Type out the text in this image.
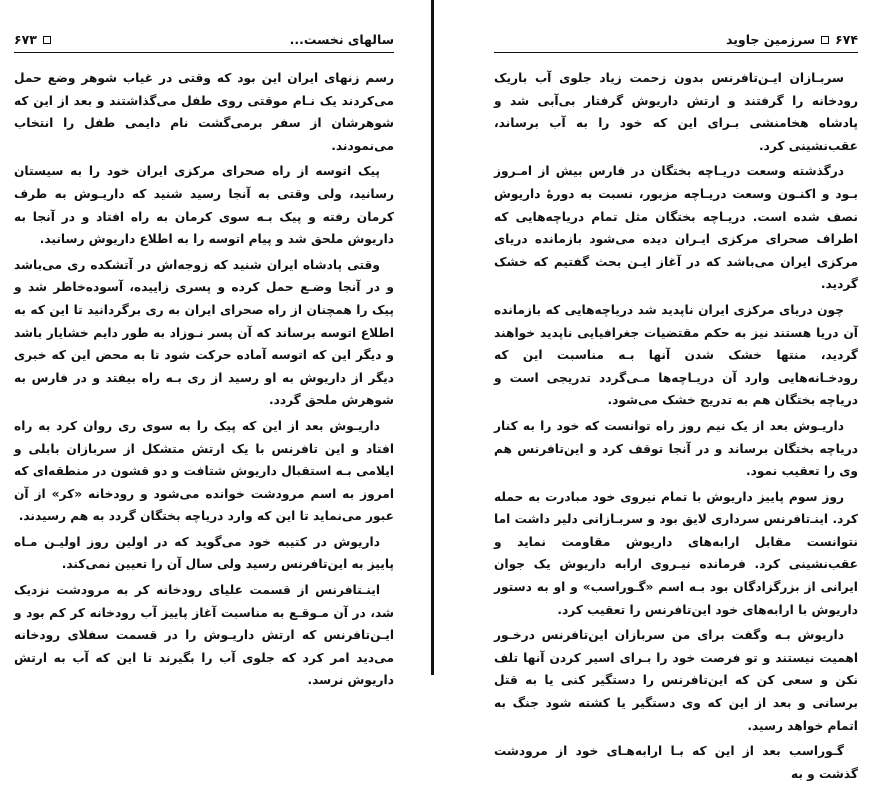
سالهای نخست...
۶۷۳

رسم زنهای ایران این بود که وقتی در غیاب شوهر وضع حمل می‌کردند یک نـام موقتی روی طفل می‌گذاشتند و بعد از این که شوهرشان از سفر برمی‌گشت نام دایمی طفل را انتخاب می‌نمودند.

پیک اتوسه از راه صحرای مرکزی ایران خود را به سیستان رسانید، ولی وقتی به آنجا رسید شنید که داریـوش به طرف کرمان رفته و پیک بـه سوی کرمان به راه افتاد و در آنجا به داریوش ملحق شد و پیام اتوسه را به اطلاع داریوش رسانید.

وقتی پادشاه ایران شنید که زوجه‌اش در آتشکده ری می‌باشد و در آنجا وضـع حمل کرده و پسری زاییده، آسوده‌خاطر شد و پیک را همچنان از راه صحرای ایران به ری برگردانید تا این که به اطلاع اتوسه برساند که آن پسر نـوزاد به طور دایم خشایار باشد و دیگر این که اتوسه آماده حرکت شود تا به محض این که خبری دیگر از داریوش به او رسید از ری بـه راه بیفتد و در فارس به شوهرش ملحق گردد.

داریـوش بعد از این که پیک را به سوی ری روان کرد به راه افتاد و این تافرنس با یک ارتش متشکل از سربازان بابلی و ایلامی بـه استقبال داریوش شتافت و دو قشون در منطقه‌ای که امروز به اسم مرودشت خوانده می‌شود و رودخانه «کر» از آن عبور می‌نماید تا این که وارد دریاچه بختگان گردد به هم رسیدند.

داریوش در کتیبه خود می‌گوید که در اولین روز اولیـن مـاه پاییز به این‌تافرنس رسید ولی سال آن را تعیین نمی‌کند.

اینـتافرنس از قسمت علیای رودخانه کر به مرودشت نزدیک شد، در آن مـوقـع به مناسبت آغاز پاییز آب رودخانه کر کم بود و ایـن‌تافرنس که ارتش داریـوش را در قسمت سفلای رودخانه می‌دید امر کرد که جلوی آب را بگیرند تا این که آب به ارتش داریوش نرسد.

۶۷۴
سرزمین جاوید

سربـازان ایـن‌تافرنس بدون زحمت زیاد جلوی آب باریک رودخانه را گرفتند و ارتش داریوش گرفتار بی‌آبی شد و پادشاه هخامنشی بـرای این که خود را به آب برساند، عقب‌نشینی کرد.

درگذشته وسعت دریـاچه بختگان در فارس بیش از امـروز بـود و اکنـون وسعت دریـاچه مزبور، نسبت به دورهٔ داریوش نصف شده است. دریـاچه بختگان مثل تمام دریاچه‌هایی که اطراف صحرای مرکزی ایـران دیده می‌شود بازمانده دریای مرکزی ایران می‌باشد که در آغاز ایـن بحث گفتیم که خشک گردید.

چون دریای مرکزی ایران ناپدید شد دریاچه‌هایی که بازمانده آن دریا هستند نیز به حکم مقتضیات جغرافیایی ناپدید خواهند گردید، منتها خشک شدن آنها بـه مناسبت این که رودخـانه‌هایی وارد آن دریـاچه‌ها مـی‌گردد تدریجی است و دریاچه بختگان هم به تدریج خشک می‌شود.

داریـوش بعد از یک نیم روز راه توانست که خود را به کنار دریاچه بختگان برساند و در آنجا توقف کرد و این‌تافرنس هم وی را تعقیب نمود.

روز سوم پاییز داریوش با تمام نیروی خود مبادرت به حمله کرد. اینـ‌تافرنس سرداری لایق بود و سربـازانی دلیر داشت اما نتوانست مقابل ارابه‌های داریوش مقاومت نماید و عقب‌نشینی کرد. فرمانده نیـروی ارابه داریوش یک جوان ایرانی از بزرگزادگان بود بـه اسم «گـوراسب» و او به دستور داریوش با ارابه‌های خود این‌تافرنس را تعقیب کرد.

داریوش بـه وگفت برای من سربازان این‌تافرنس درخـور اهمیت نیستند و تو فرصت خود را بـرای اسیر کردن آنها تلف نکن و سعی کن که این‌تافرنس را دستگیر کنی یا به قتل برسانی و بعد از این که وی دستگیر یا کشته شود جنگ به اتمام خواهد رسید.

گـوراسب بعد از این که بـا ارابه‌هـای خود از مرودشت گذشت و به
